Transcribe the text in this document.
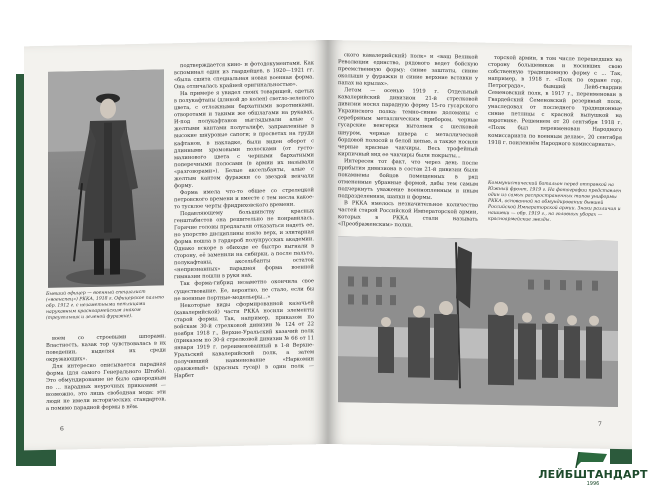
Бывший офицер — военный специалист («военспец») РККА, 1918 г. Офицерское пальто обр. 1912 г. с незаметными петлицами нарукавным красноармейским знаком (треугольник и зеленой фуражке).

воем со строевыми шпорами. Властность, казак тор чувствовалась в их поведении, выделяя их среди окружающих».

Для интересно описывается парадная форма (для самого Генерального Штаба). Это обмундирование не было однородным по ... парадных неурочных приказами — возможно, это лишь свободная мода: эти люди не имели исторических стандартов, а помимо парадной формы в нём.

подтверждается кино- и фотодокументами. Как вспоминал один из гвардейцев, в 1920—1921 гг. «была сшита специальная новая военная форма. Она отличалась крайней оригинальностью».

На примере я увидел своих товарищей, одетых в полукафтаны (длиной до колен) светло-зеленого цвета, с отложными бархатными воротниками, отворотами и такими же обшлагами на рукавах. И-под полукафтанов выглядывали алые с желтыми кантами полугалифе, заправленные в высокие шнуровые сапоги; в просветах на груди кафтанов, в накладке, были виден оборот с длинными хромовыми полосками (от густо-малинового цвета с черными бархатными поперечными полосами (в армии их называли «разговорами»). Белые аксельбанты, алые с желтым кантом фуражки со звездой венчали форму.

Форма имела что-то общее со стрелецкой петровского времени и вместе с тем несла какое-то тусклое черты фридриховского времени.

Подавляющему большинству красных генштабистов она решительно не понравилась. Горячие головы предлагали отказаться надеть ее, но упорство дисциплины взяло верх, и элитарная форма вошла в гардероб полупрусских академии. Однако вскоре в обиходе ее быстро выгнали в сторону, её заменили на сибирки, а после пальто, полукафтаны, аксельбанты остаток «непризнанных» парадная форма военной гимназии пошли в руки нах.

Так форма-гибрид незаметно окончила свое существование. Ее, вероятно, не стало, если бы не военные портные-модельеры...»

Некоторые виды сформированной казачьей (кавалерийской) части РККА носили элементы старой формы. Так, например, приказом по войскам 30-й стрелковой дивизии № 124 от 22 ноября 1918 г., Верхне-Уральский казачий полк (приказом по 30-й стрелковой дивизии № 66 от 11 января 1919 г. переименованный в 1-й Верхне-Уральский кавалерийский полк, а затем получивший наименование «Наркомин оранжевый» (красных гусар) в один полк — Нарбет

6

ского кавалерийский) полк» и «ваш Великой Революции единство, рядового ведет бойскую преемственную форму: синие заштаты, синие околыши у фуражки и синие верхние вставки у папах на крылах».

Летом — осенью 1919 г. Отдельный кавалерийский дивизион 21-й стрелковой дивизии носил парадную форму 15-го гусарского Украинского полка: темно-синие доломаны с серебряным металлическим прибором, черные гусарские венгерки вытолнен с шелковой шнуром, черные кивера с металлической бордовой полосой и белой цепью, а также носили черные красные чакчиры. Весь трофейный кирпичный вид ее чакчиры были покрыты...

Интересен тот факт, что через день после прибытия дивизиона в состав 21-й дивизии были покамнены бойцов помещенных в ряд отмененные убранные формой, дабы тем самым подчеркнуть уважение военнопленным и иным подразделениям, шапки и формы.

В РККА имелось незначительное количество частей старой Российской Императорской армии, которых в РККА стали называть «Преображенским» полки.

торской армии, в том числе перешедших на сторону большевиков и носивших свою собственную традиционную форму с ... Так, например, в 1918 г. «Полк по охране гор. Петрограда», бывший Лейб-гвардии Семеновский полк, в 1917 г., переименован в Гвардейский Семеновский резервный полк, унаследовал от последнего традиционные синие петлицы с красной выпушкой на воротнике. Решением от 20 сентября 1918 г. «Полк был переименован Народного комиссариата по военным делам», 20 сентября 1918 г. поиленнём Народного комиссариата».

Коммунистический батальон перед отправкой на Южный фронт, 1919 г. На фотографии представлен один из самых распространенных типов униформы РККА, основанной на обмундировании бывшей Российской Императорской армии. Знаки различия и нашивки — обр. 1919 г., на головных уборах — красноармейские звезды.
7
ЛЕЙБШТАНДАРТ
1996
